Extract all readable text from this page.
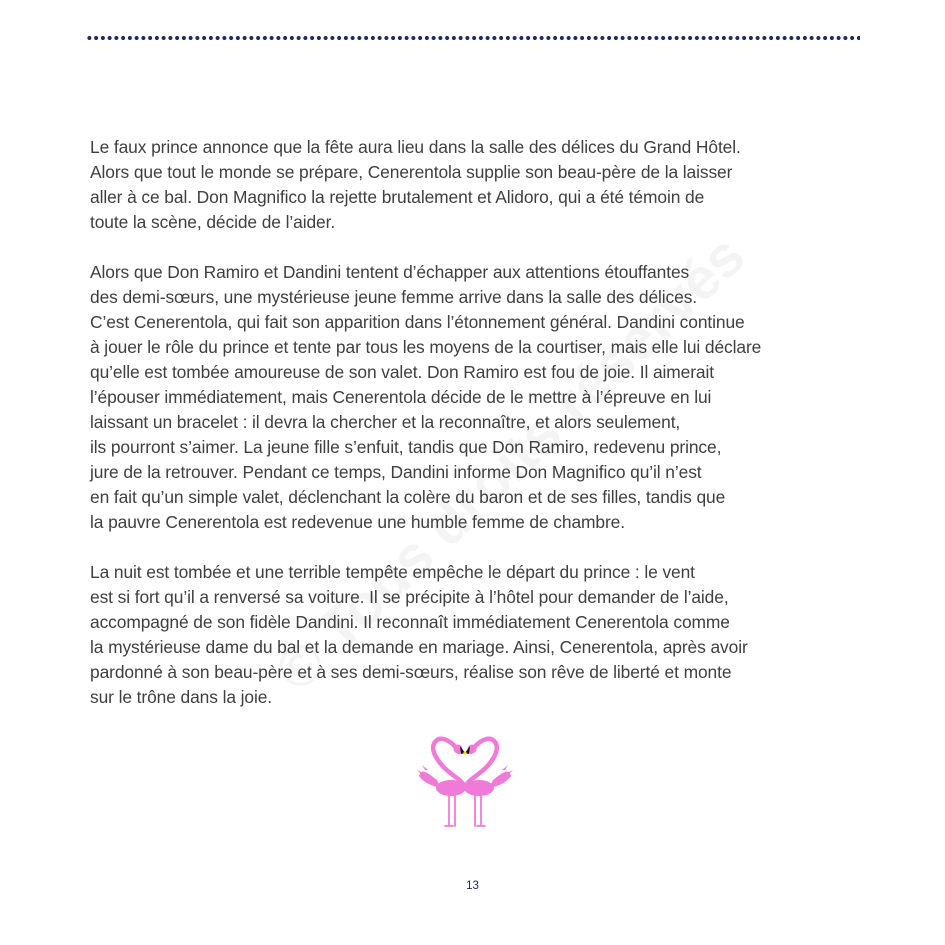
Le faux prince annonce que la fête aura lieu dans la salle des délices du Grand Hôtel.
Alors que tout le monde se prépare, Cenerentola supplie son beau-père de la laisser
aller à ce bal. Don Magnifico la rejette brutalement et Alidoro, qui a été témoin de
toute la scène, décide de l’aider.

Alors que Don Ramiro et Dandini tentent d’échapper aux attentions étouffantes
des demi-sœurs, une mystérieuse jeune femme arrive dans la salle des délices.
C’est Cenerentola, qui fait son apparition dans l’étonnement général. Dandini continue
à jouer le rôle du prince et tente par tous les moyens de la courtiser, mais elle lui déclare
qu’elle est tombée amoureuse de son valet. Don Ramiro est fou de joie. Il aimerait
l’épouser immédiatement, mais Cenerentola décide de le mettre à l’épreuve en lui
laissant un bracelet : il devra la chercher et la reconnaître, et alors seulement,
ils pourront s’aimer. La jeune fille s’enfuit, tandis que Don Ramiro, redevenu prince,
jure de la retrouver. Pendant ce temps, Dandini informe Don Magnifico qu’il n’est
en fait qu’un simple valet, déclenchant la colère du baron et de ses filles, tandis que
la pauvre Cenerentola est redevenue une humble femme de chambre.

La nuit est tombée et une terrible tempête empêche le départ du prince : le vent
est si fort qu’il a renversé sa voiture. Il se précipite à l’hôtel pour demander de l’aide,
accompagné de son fidèle Dandini. Il reconnaît immédiatement Cenerentola comme
la mystérieuse dame du bal et la demande en mariage. Ainsi, Cenerentola, après avoir
pardonné à son beau-père et à ses demi-sœurs, réalise son rêve de liberté et monte
sur le trône dans la joie.

13
